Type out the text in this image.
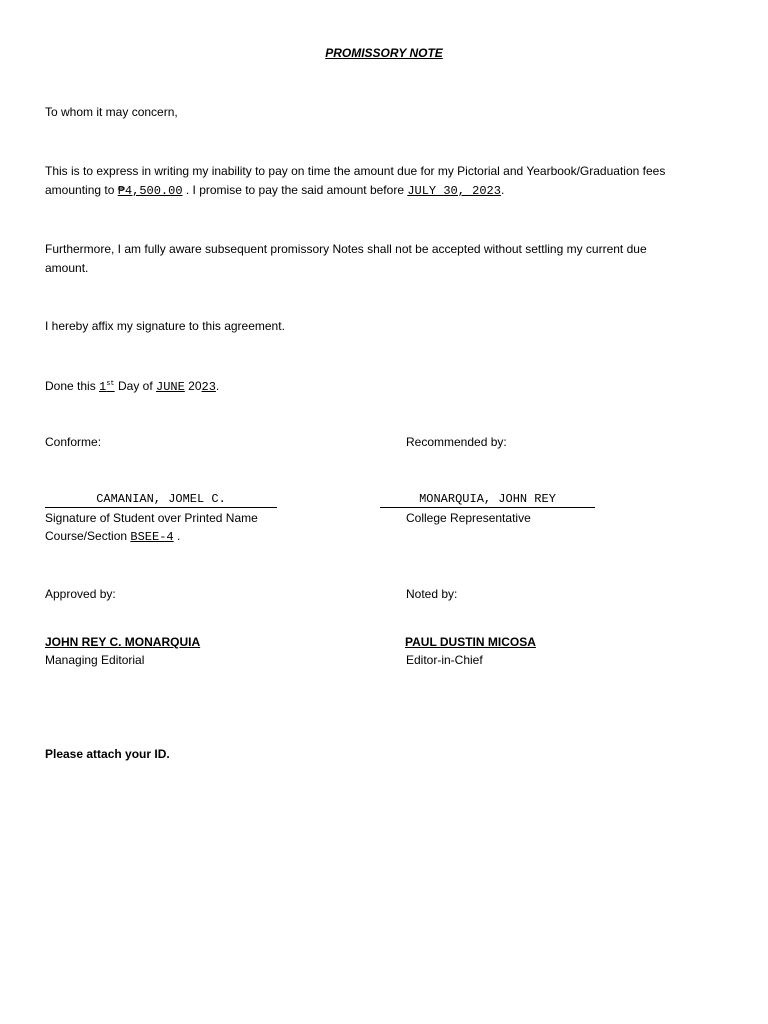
PROMISSORY NOTE
To whom it may concern,
This is to express in writing my inability to pay on time the amount due for my Pictorial and Yearbook/Graduation fees
amounting to ₱4,500.00 . I promise to pay the said amount before JULY 30, 2023.
Furthermore, I am fully aware subsequent promissory Notes shall not be accepted without settling my current due
amount.
I hereby affix my signature to this agreement.
Done this 1st Day of JUNE 2023.
Conforme:	Recommended by:
CAMANIAN, JOMEL C.	MONARQUIA, JOHN REY
Signature of Student over Printed Name	College Representative
Course/Section BSEE-4 .
Approved by:	Noted by:
JOHN REY C. MONARQUIA	PAUL DUSTIN MICOSA
Managing Editorial	Editor-in-Chief
Please attach your ID.
